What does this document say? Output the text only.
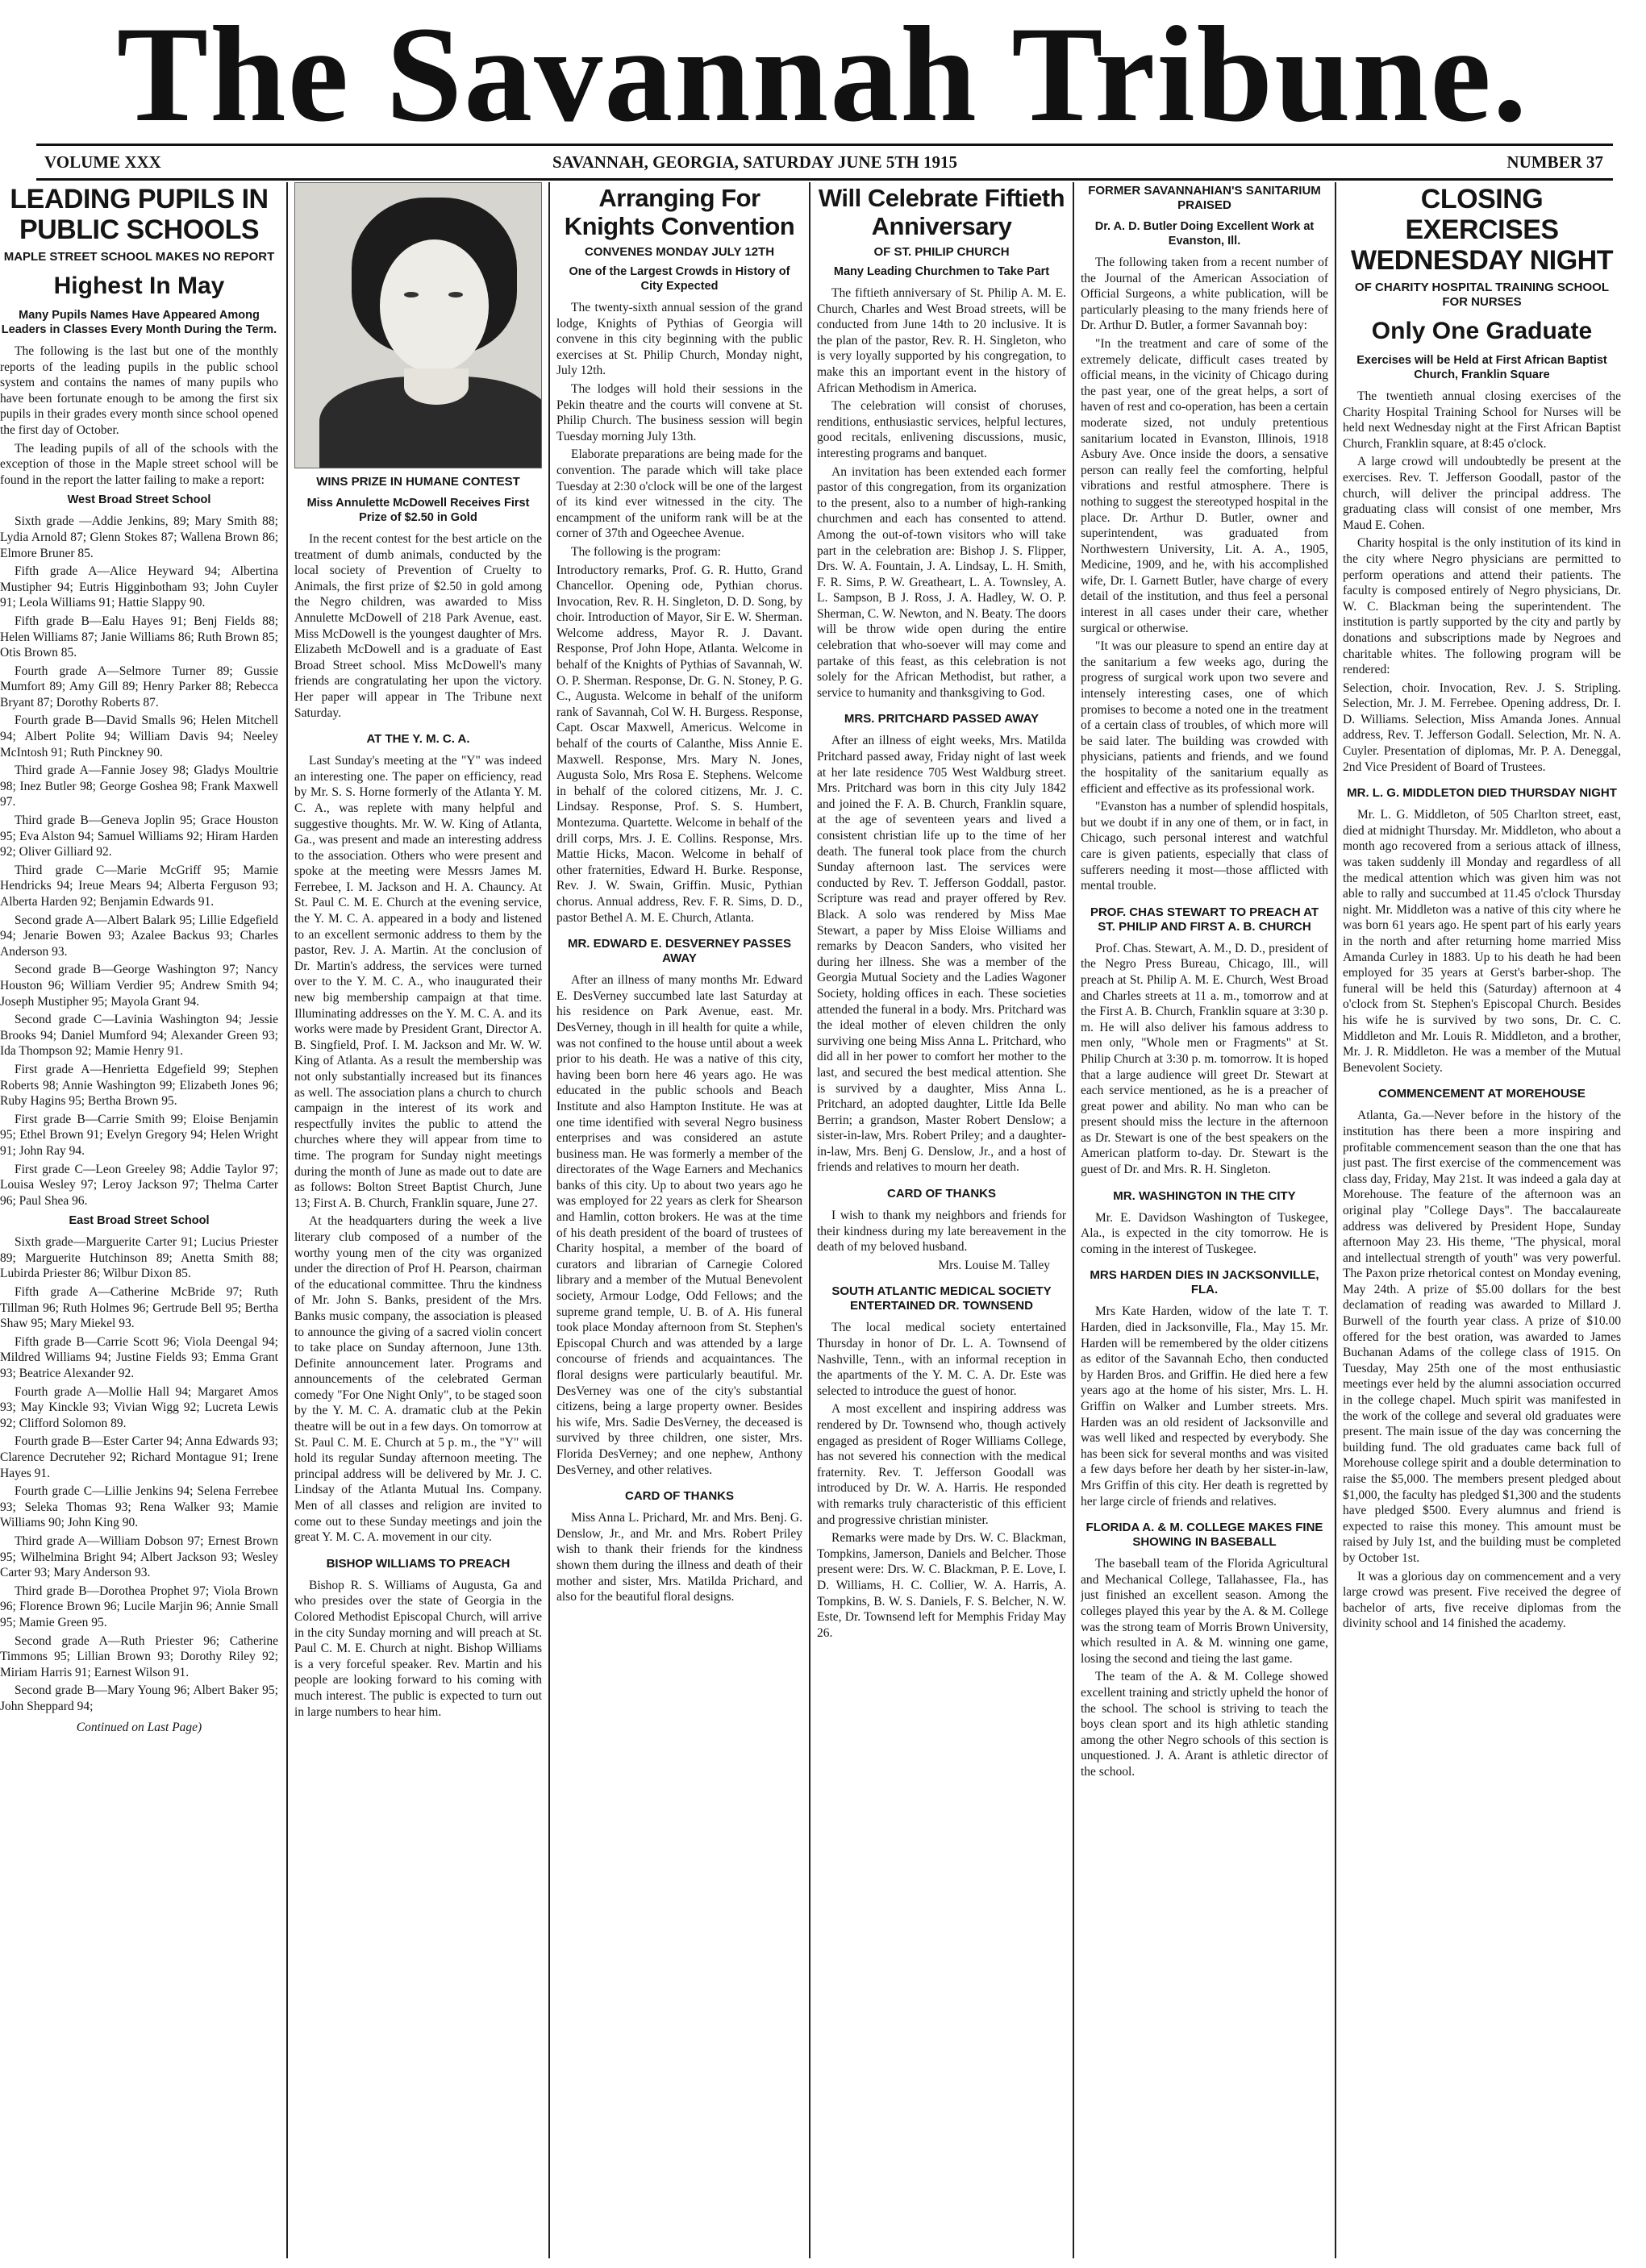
The Savannah Tribune.
VOLUME XXX	SAVANNAH, GEORGIA, SATURDAY JUNE 5TH 1915	NUMBER 37
LEADING PUPILS IN PUBLIC SCHOOLS
MAPLE STREET SCHOOL MAKES NO REPORT
Highest In May
Many Pupils Names Have Appeared Among Leaders in Classes Every Month During the Term.

The following is the last but one of the monthly reports of the leading pupils in the public school system and contains the names of many pupils who have been fortunate enough to be among the first six pupils in their grades every month since school opened the first day of October.

The leading pupils of all of the schools with the exception of those in the Maple street school will be found in the report the latter failing to make a report:

West Broad Street School

Sixth grade —Addie Jenkins, 89; Mary Smith 88; Lydia Arnold 87; Glenn Stokes 87; Wallena Brown 86; Elmore Bruner 85.

Fifth grade A—Alice Heyward 94; Albertina Mustipher 94; Eutris Higginbotham 93; John Cuyler 91; Leola Williams 91; Hattie Slappy 90.

Fifth grade B—Ealu Hayes 91; Benj Fields 88; Helen Williams 87; Janie Williams 86; Ruth Brown 85; Otis Brown 85.

Fourth grade A—Selmore Turner 89; Gussie Mumfort 89; Amy Gill 89; Henry Parker 88; Rebecca Bryant 87; Dorothy Roberts 87.

Fourth grade B—David Smalls 96; Helen Mitchell 94; Albert Polite 94; William Davis 94; Neeley McIntosh 91; Ruth Pinckney 90.

Third grade A—Fannie Josey 98; Gladys Moultrie 98; Inez Butler 98; George Goshea 98; Frank Maxwell 97.

Third grade B—Geneva Joplin 95; Grace Houston 95; Eva Alston 94; Samuel Williams 92; Hiram Harden 92; Oliver Gilliard 92.

Third grade C—Marie McGriff 95; Mamie Hendricks 94; Ireue Mears 94; Alberta Ferguson 93; Alberta Harden 92; Benjamin Edwards 91.

Second grade A—Albert Balark 95; Lillie Edgefield 94; Jenarie Bowen 93; Azalee Backus 93; Charles Anderson 93.

Second grade B—George Washington 97; Nancy Houston 96; William Verdier 95; Andrew Smith 94; Joseph Mustipher 95; Mayola Grant 94.

Second grade C—Lavinia Washington 94; Jessie Brooks 94; Daniel Mumford 94; Alexander Green 93; Ida Thompson 92; Mamie Henry 91.

First grade A—Henrietta Edgefield 99; Stephen Roberts 98; Annie Washington 99; Elizabeth Jones 96; Ruby Hagins 95; Bertha Brown 95.

First grade B—Carrie Smith 99; Eloise Benjamin 95; Ethel Brown 91; Evelyn Gregory 94; Helen Wright 91; John Ray 94.

First grade C—Leon Greeley 98; Addie Taylor 97; Louisa Wesley 97; Leroy Jackson 97; Thelma Carter 96; Paul Shea 96.

East Broad Street School

Sixth grade—Marguerite Carter 91; Lucius Priester 89; Marguerite Hutchinson 89; Anetta Smith 88; Lubirda Priester 86; Wilbur Dixon 85.

Fifth grade A—Catherine McBride 97; Ruth Tillman 96; Ruth Holmes 96; Gertrude Bell 95; Bertha Shaw 95; Mary Miekel 93.

Fifth grade B—Carrie Scott 96; Viola Deengal 94; Mildred Williams 94; Justine Fields 93; Emma Grant 93; Beatrice Alexander 92.

Fourth grade A—Mollie Hall 94; Margaret Amos 93; May Kinckle 93; Vivian Wigg 92; Lucreta Lewis 92; Clifford Solomon 89.

Fourth grade B—Ester Carter 94; Anna Edwards 93; Clarence Decruteher 92; Richard Montague 91; Irene Hayes 91.

Fourth grade C—Lillie Jenkins 94; Selena Ferrebee 93; Seleka Thomas 93; Rena Walker 93; Mamie Williams 90; John King 90.

Third grade A—William Dobson 97; Ernest Brown 95; Wilhelmina Bright 94; Albert Jackson 93; Wesley Carter 93; Mary Anderson 93.

Third grade B—Dorothea Prophet 97; Viola Brown 96; Florence Brown 96; Lucile Marjin 96; Annie Small 95; Mamie Green 95.

Second grade A—Ruth Priester 96; Catherine Timmons 95; Lillian Brown 93; Dorothy Riley 92; Miriam Harris 91; Earnest Wilson 91.

Second grade B—Mary Young 96; Albert Baker 95; John Sheppard 94;

Continued on Last Page)
WINS PRIZE IN HUMANE CONTEST
Miss Annulette McDowell Receives First Prize of $2.50 in Gold

In the recent contest for the best article on the treatment of dumb animals, conducted by the local society of Prevention of Cruelty to Animals, the first prize of $2.50 in gold among the Negro children, was awarded to Miss Annulette McDowell of 218 Park Avenue, east. Miss McDowell is the youngest daughter of Mrs. Elizabeth McDowell and is a graduate of East Broad Street school. Miss McDowell's many friends are congratulating her upon the victory. Her paper will appear in The Tribune next Saturday.

AT THE Y. M. C. A.

Last Sunday's meeting at the "Y" was indeed an interesting one. The paper on efficiency, read by Mr. S. S. Horne formerly of the Atlanta Y. M. C. A., was replete with many helpful and suggestive thoughts. Mr. W. W. King of Atlanta, Ga., was present and made an interesting address to the association. Others who were present and spoke at the meeting were Messrs James M. Ferrebee, I. M. Jackson and H. A. Chauncy. At St. Paul C. M. E. Church at the evening service, the Y. M. C. A. appeared in a body and listened to an excellent sermonic address to them by the pastor, Rev. J. A. Martin. At the conclusion of Dr. Martin's address, the services were turned over to the Y. M. C. A., who inaugurated their new big membership campaign at that time. Illuminating addresses on the Y. M. C. A. and its works were made by President Grant, Director A. B. Singfield, Prof. I. M. Jackson and Mr. W. W. King of Atlanta. As a result the membership was not only substantially increased but its finances as well. The association plans a church to church campaign in the interest of its work and respectfully invites the public to attend the churches where they will appear from time to time. The program for Sunday night meetings during the month of June as made out to date are as follows: Bolton Street Baptist Church, June 13; First A. B. Church, Franklin square, June 27.

At the headquarters during the week a live literary club composed of a number of the worthy young men of the city was organized under the direction of Prof H. Pearson, chairman of the educational committee. Thru the kindness of Mr. John S. Banks, president of the Mrs. Banks music company, the association is pleased to announce the giving of a sacred violin concert to take place on Sunday afternoon, June 13th. Definite announcement later. Programs and announcements of the celebrated German comedy "For One Night Only", to be staged soon by the Y. M. C. A. dramatic club at the Pekin theatre will be out in a few days. On tomorrow at St. Paul C. M. E. Church at 5 p. m., the "Y" will hold its regular Sunday afternoon meeting. The principal address will be delivered by Mr. J. C. Lindsay of the Atlanta Mutual Ins. Company. Men of all classes and religion are invited to come out to these Sunday meetings and join the great Y. M. C. A. movement in our city.

BISHOP WILLIAMS TO PREACH

Bishop R. S. Williams of Augusta, Ga and who presides over the state of Georgia in the Colored Methodist Episcopal Church, will arrive in the city Sunday morning and will preach at St. Paul C. M. E. Church at night. Bishop Williams is a very forceful speaker. Rev. Martin and his people are looking forward to his coming with much interest. The public is expected to turn out in large numbers to hear him.

Arranging For Knights Convention
CONVENES MONDAY JULY 12TH
One of the Largest Crowds in History of City Expected

The twenty-sixth annual session of the grand lodge, Knights of Pythias of Georgia will convene in this city beginning with the public exercises at St. Philip Church, Monday night, July 12th.

The lodges will hold their sessions in the Pekin theatre and the courts will convene at St. Philip Church. The business session will begin Tuesday morning July 13th.

Elaborate preparations are being made for the convention. The parade which will take place Tuesday at 2:30 o'clock will be one of the largest of its kind ever witnessed in the city. The encampment of the uniform rank will be at the corner of 37th and Ogeechee Avenue.

The following is the program:

Introductory remarks, Prof. G. R. Hutto, Grand Chancellor. Opening ode, Pythian chorus. Invocation, Rev. R. H. Singleton, D. D. Song, by choir. Introduction of Mayor, Sir E. W. Sherman. Welcome address, Mayor R. J. Davant. Response, Prof John Hope, Atlanta. Welcome in behalf of the Knights of Pythias of Savannah, W. O. P. Sherman. Response, Dr. G. N. Stoney, P. G. C., Augusta. Welcome in behalf of the uniform rank of Savannah, Col W. H. Burgess. Response, Capt. Oscar Maxwell, Americus. Welcome in behalf of the courts of Calanthe, Miss Annie E. Maxwell. Response, Mrs. Mary N. Jones, Augusta Solo, Mrs Rosa E. Stephens. Welcome in behalf of the colored citizens, Mr. J. C. Lindsay. Response, Prof. S. S. Humbert, Montezuma. Quartette. Welcome in behalf of the drill corps, Mrs. J. E. Collins. Response, Mrs. Mattie Hicks, Macon. Welcome in behalf of other fraternities, Edward H. Burke. Response, Rev. J. W. Swain, Griffin. Music, Pythian chorus. Annual address, Rev. F. R. Sims, D. D., pastor Bethel A. M. E. Church, Atlanta.

MR. EDWARD E. DESVERNEY PASSES AWAY

After an illness of many months Mr. Edward E. DesVerney succumbed late last Saturday at his residence on Park Avenue, east. Mr. DesVerney, though in ill health for quite a while, was not confined to the house until about a week prior to his death. He was a native of this city, having been born here 46 years ago. He was educated in the public schools and Beach Institute and also Hampton Institute. He was at one time identified with several Negro business enterprises and was considered an astute business man. He was formerly a member of the directorates of the Wage Earners and Mechanics banks of this city. Up to about two years ago he was employed for 22 years as clerk for Shearson and Hamlin, cotton brokers. He was at the time of his death president of the board of trustees of Charity hospital, a member of the board of curators and librarian of Carnegie Colored library and a member of the Mutual Benevolent society, Armour Lodge, Odd Fellows; and the supreme grand temple, U. B. of A. His funeral took place Monday afternoon from St. Stephen's Episcopal Church and was attended by a large concourse of friends and acquaintances. The floral designs were particularly beautiful. Mr. DesVerney was one of the city's substantial citizens, being a large property owner. Besides his wife, Mrs. Sadie DesVerney, the deceased is survived by three children, one sister, Mrs. Florida DesVerney; and one nephew, Anthony DesVerney, and other relatives.

CARD OF THANKS

Miss Anna L. Prichard, Mr. and Mrs. Benj. G. Denslow, Jr., and Mr. and Mrs. Robert Priley wish to thank their friends for the kindness shown them during the illness and death of their mother and sister, Mrs. Matilda Prichard, and also for the beautiful floral designs.

Will Celebrate Fiftieth Anniversary
OF ST. PHILIP CHURCH
Many Leading Churchmen to Take Part

The fiftieth anniversary of St. Philip A. M. E. Church, Charles and West Broad streets, will be conducted from June 14th to 20 inclusive. It is the plan of the pastor, Rev. R. H. Singleton, who is very loyally supported by his congregation, to make this an important event in the history of African Methodism in America.

The celebration will consist of choruses, renditions, enthusiastic services, helpful lectures, good recitals, enlivening discussions, music, interesting programs and banquet.

An invitation has been extended each former pastor of this congregation, from its organization to the present, also to a number of high-ranking churchmen and each has consented to attend. Among the out-of-town visitors who will take part in the celebration are: Bishop J. S. Flipper, Drs. W. A. Fountain, J. A. Lindsay, L. H. Smith, F. R. Sims, P. W. Greatheart, L. A. Townsley, A. L. Sampson, B J. Ross, J. A. Hadley, W. O. P. Sherman, C. W. Newton, and N. Beaty. The doors will be throw wide open during the entire celebration that who-soever will may come and partake of this feast, as this celebration is not solely for the African Methodist, but rather, a service to humanity and thanksgiving to God.

MRS. PRITCHARD PASSED AWAY

After an illness of eight weeks, Mrs. Matilda Pritchard passed away, Friday night of last week at her late residence 705 West Waldburg street. Mrs. Pritchard was born in this city July 1842 and joined the F. A. B. Church, Franklin square, at the age of seventeen years and lived a consistent christian life up to the time of her death. The funeral took place from the church Sunday afternoon last. The services were conducted by Rev. T. Jefferson Goddall, pastor. Scripture was read and prayer offered by Rev. Black. A solo was rendered by Miss Mae Stewart, a paper by Miss Eloise Williams and remarks by Deacon Sanders, who visited her during her illness. She was a member of the Georgia Mutual Society and the Ladies Wagoner Society, holding offices in each. These societies attended the funeral in a body. Mrs. Pritchard was the ideal mother of eleven children the only surviving one being Miss Anna L. Pritchard, who did all in her power to comfort her mother to the last, and secured the best medical attention. She is survived by a daughter, Miss Anna L. Pritchard, an adopted daughter, Little Ida Belle Berrin; a grandson, Master Robert Denslow; a sister-in-law, Mrs. Robert Priley; and a daughter-in-law, Mrs. Benj G. Denslow, Jr., and a host of friends and relatives to mourn her death.

CARD OF THANKS

I wish to thank my neighbors and friends for their kindness during my late bereavement in the death of my beloved husband.

Mrs. Louise M. Talley
SOUTH ATLANTIC MEDICAL SOCIETY ENTERTAINED DR. TOWNSEND

The local medical society entertained Thursday in honor of Dr. L. A. Townsend of Nashville, Tenn., with an informal reception in the apartments of the Y. M. C. A. Dr. Este was selected to introduce the guest of honor.

A most excellent and inspiring address was rendered by Dr. Townsend who, though actively engaged as president of Roger Williams College, has not severed his connection with the medical fraternity. Rev. T. Jefferson Goodall was introduced by Dr. W. A. Harris. He responded with remarks truly characteristic of this efficient and progressive christian minister.

Remarks were made by Drs. W. C. Blackman, Tompkins, Jamerson, Daniels and Belcher. Those present were: Drs. W. C. Blackman, P. E. Love, I. D. Williams, H. C. Collier, W. A. Harris, A. Tompkins, B. W. S. Daniels, F. S. Belcher, N. W. Este, Dr. Townsend left for Memphis Friday May 26.

FORMER SAVANNAHIAN'S SANITARIUM PRAISED
Dr. A. D. Butler Doing Excellent Work at Evanston, Ill.

The following taken from a recent number of the Journal of the American Association of Official Surgeons, a white publication, will be particularly pleasing to the many friends here of Dr. Arthur D. Butler, a former Savannah boy:

"In the treatment and care of some of the extremely delicate, difficult cases treated by official means, in the vicinity of Chicago during the past year, one of the great helps, a sort of haven of rest and co-operation, has been a certain moderate sized, not unduly pretentious sanitarium located in Evanston, Illinois, 1918 Asbury Ave. Once inside the doors, a sensative person can really feel the comforting, helpful vibrations and restful atmosphere. There is nothing to suggest the stereotyped hospital in the place. Dr. Arthur D. Butler, owner and superintendent, was graduated from Northwestern University, Lit. A. A., 1905, Medicine, 1909, and he, with his accomplished wife, Dr. I. Garnett Butler, have charge of every detail of the institution, and thus feel a personal interest in all cases under their care, whether surgical or otherwise.

"It was our pleasure to spend an entire day at the sanitarium a few weeks ago, during the progress of surgical work upon two severe and intensely interesting cases, one of which promises to become a noted one in the treatment of a certain class of troubles, of which more will be said later. The building was crowded with physicians, patients and friends, and we found the hospitality of the sanitarium equally as efficient and effective as its professional work.

"Evanston has a number of splendid hospitals, but we doubt if in any one of them, or in fact, in Chicago, such personal interest and watchful care is given patients, especially that class of sufferers needing it most—those afflicted with mental trouble.

PROF. CHAS STEWART TO PREACH AT ST. PHILIP AND FIRST A. B. CHURCH

Prof. Chas. Stewart, A. M., D. D., president of the Negro Press Bureau, Chicago, Ill., will preach at St. Philip A. M. E. Church, West Broad and Charles streets at 11 a. m., tomorrow and at the First A. B. Church, Franklin square at 3:30 p. m. He will also deliver his famous address to men only, "Whole men or Fragments" at St. Philip Church at 3:30 p. m. tomorrow. It is hoped that a large audience will greet Dr. Stewart at each service mentioned, as he is a preacher of great power and ability. No man who can be present should miss the lecture in the afternoon as Dr. Stewart is one of the best speakers on the American platform to-day. Dr. Stewart is the guest of Dr. and Mrs. R. H. Singleton.

MR. WASHINGTON IN THE CITY

Mr. E. Davidson Washington of Tuskegee, Ala., is expected in the city tomorrow. He is coming in the interest of Tuskegee.

MRS HARDEN DIES IN JACKSONVILLE, FLA.

Mrs Kate Harden, widow of the late T. T. Harden, died in Jacksonville, Fla., May 15. Mr. Harden will be remembered by the older citizens as editor of the Savannah Echo, then conducted by Harden Bros. and Griffin. He died here a few years ago at the home of his sister, Mrs. L. H. Griffin on Walker and Lumber streets. Mrs. Harden was an old resident of Jacksonville and was well liked and respected by everybody. She has been sick for several months and was visited a few days before her death by her sister-in-law, Mrs Griffin of this city. Her death is regretted by her large circle of friends and relatives.

FLORIDA A. & M. COLLEGE MAKES FINE SHOWING IN BASEBALL

The baseball team of the Florida Agricultural and Mechanical College, Tallahassee, Fla., has just finished an excellent season. Among the colleges played this year by the A. & M. College was the strong team of Morris Brown University, which resulted in A. & M. winning one game, losing the second and tieing the last game.

The team of the A. & M. College showed excellent training and strictly upheld the honor of the school. The school is striving to teach the boys clean sport and its high athletic standing among the other Negro schools of this section is unquestioned. J. A. Arant is athletic director of the school.

CLOSING EXERCISES WEDNESDAY NIGHT
OF CHARITY HOSPITAL TRAINING SCHOOL FOR NURSES
Only One Graduate
Exercises will be Held at First African Baptist Church, Franklin Square

The twentieth annual closing exercises of the Charity Hospital Training School for Nurses will be held next Wednesday night at the First African Baptist Church, Franklin square, at 8:45 o'clock.

A large crowd will undoubtedly be present at the exercises. Rev. T. Jefferson Goodall, pastor of the church, will deliver the principal address. The graduating class will consist of one member, Mrs Maud E. Cohen.

Charity hospital is the only institution of its kind in the city where Negro physicians are permitted to perform operations and attend their patients. The faculty is composed entirely of Negro physicians, Dr. W. C. Blackman being the superintendent. The institution is partly supported by the city and partly by donations and subscriptions made by Negroes and charitable whites. The following program will be rendered:

Selection, choir. Invocation, Rev. J. S. Stripling. Selection, Mr. J. M. Ferrebee. Opening address, Dr. I. D. Williams. Selection, Miss Amanda Jones. Annual address, Rev. T. Jefferson Godall. Selection, Mr. N. A. Cuyler. Presentation of diplomas, Mr. P. A. Deneggal, 2nd Vice President of Board of Trustees.

MR. L. G. MIDDLETON DIED THURSDAY NIGHT

Mr. L. G. Middleton, of 505 Charlton street, east, died at midnight Thursday. Mr. Middleton, who about a month ago recovered from a serious attack of illness, was taken suddenly ill Monday and regardless of all the medical attention which was given him was not able to rally and succumbed at 11.45 o'clock Thursday night. Mr. Middleton was a native of this city where he was born 61 years ago. He spent part of his early years in the north and after returning home married Miss Amanda Curley in 1883. Up to his death he had been employed for 35 years at Gerst's barber-shop. The funeral will be held this (Saturday) afternoon at 4 o'clock from St. Stephen's Episcopal Church. Besides his wife he is survived by two sons, Dr. C. C. Middleton and Mr. Louis R. Middleton, and a brother, Mr. J. R. Middleton. He was a member of the Mutual Benevolent Society.

COMMENCEMENT AT MOREHOUSE

Atlanta, Ga.—Never before in the history of the institution has there been a more inspiring and profitable commencement season than the one that has just past. The first exercise of the commencement was class day, Friday, May 21st. It was indeed a gala day at Morehouse. The feature of the afternoon was an original play "College Days". The baccalaureate address was delivered by President Hope, Sunday afternoon May 23. His theme, "The physical, moral and intellectual strength of youth" was very powerful. The Paxon prize rhetorical contest on Monday evening, May 24th. A prize of $5.00 dollars for the best declamation of reading was awarded to Millard J. Burwell of the fourth year class. A prize of $10.00 offered for the best oration, was awarded to James Buchanan Adams of the college class of 1915. On Tuesday, May 25th one of the most enthusiastic meetings ever held by the alumni association occurred in the college chapel. Much spirit was manifested in the work of the college and several old graduates were present. The main issue of the day was concerning the building fund. The old graduates came back full of Morehouse college spirit and a double determination to raise the $5,000. The members present pledged about $1,000, the faculty has pledged $1,300 and the students have pledged $500. Every alumnus and friend is expected to raise this money. This amount must be raised by July 1st, and the building must be completed by October 1st.

It was a glorious day on commencement and a very large crowd was present. Five received the degree of bachelor of arts, five receive diplomas from the divinity school and 14 finished the academy.
